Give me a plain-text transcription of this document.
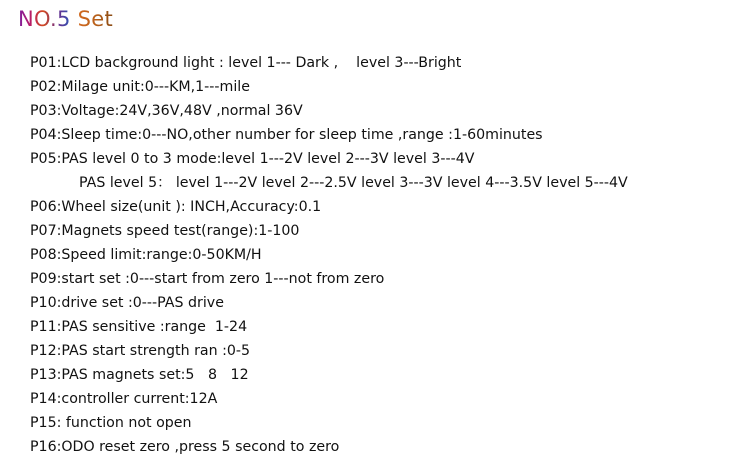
NO.5 Set
P01:LCD background light : level 1--- Dark ,    level 3---Bright
P02:Milage unit:0---KM,1---mile
P03:Voltage:24V,36V,48V ,normal 36V
P04:Sleep time:0---NO,other number for sleep time ,range :1-60minutes
P05:PAS level 0 to 3 mode:level 1---2V level 2---3V level 3---4V
PAS level 5： level 1---2V level 2---2.5V level 3---3V level 4---3.5V level 5---4V
P06:Wheel size(unit ): INCH,Accuracy:0.1
P07:Magnets speed test(range):1-100
P08:Speed limit:range:0-50KM/H
P09:start set :0---start from zero 1---not from zero
P10:drive set :0---PAS drive
P11:PAS sensitive :range  1-24
P12:PAS start strength ran :0-5
P13:PAS magnets set:5   8   12
P14:controller current:12A
P15: function not open
P16:ODO reset zero ,press 5 second to zero
